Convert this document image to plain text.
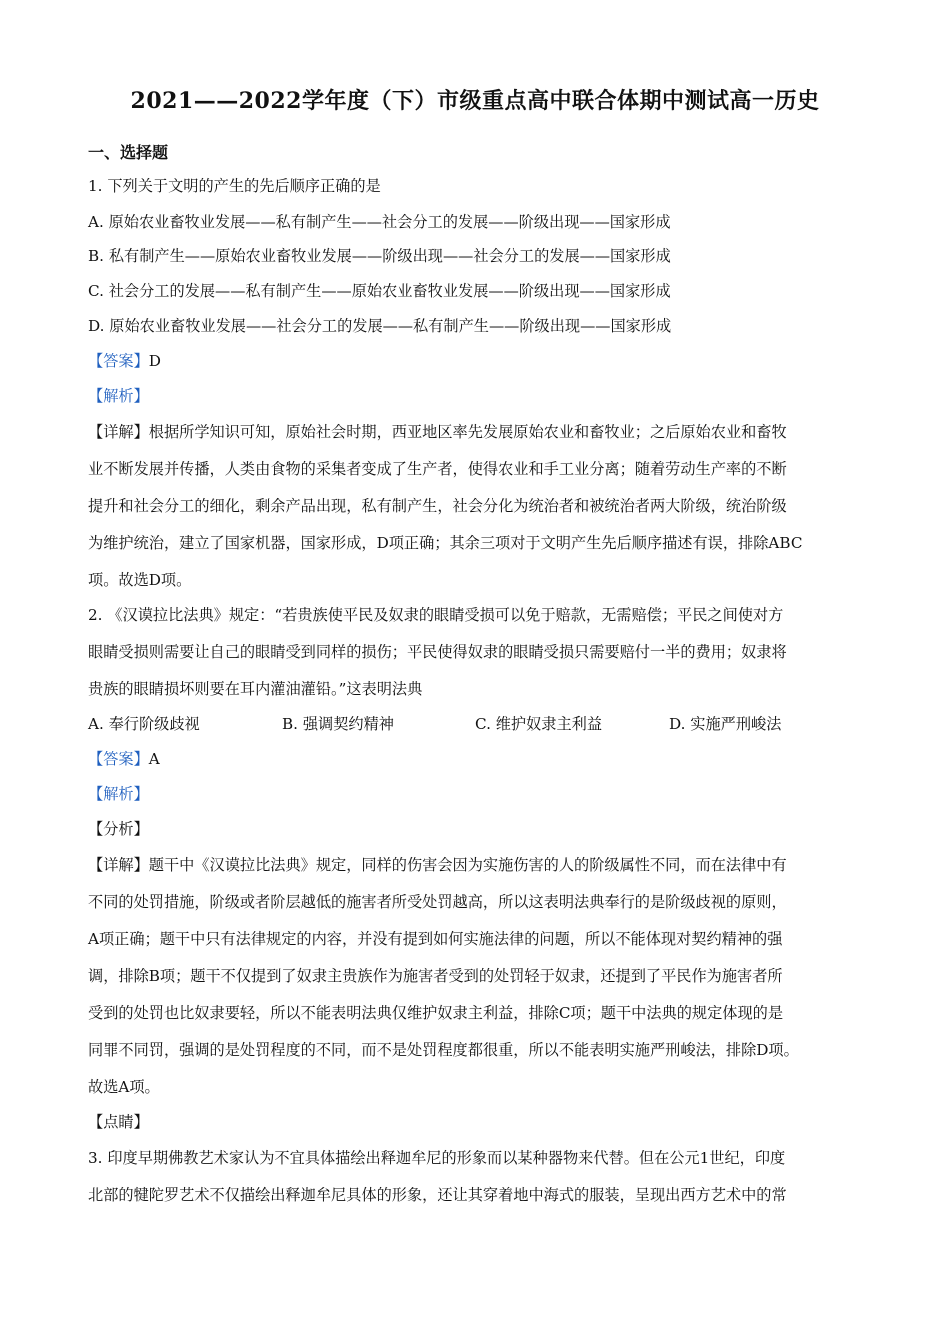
2021——2022学年度（下）市级重点高中联合体期中测试高一历史
一、选择题
1. 下列关于文明的产生的先后顺序正确的是
A. 原始农业畜牧业发展——私有制产生——社会分工的发展——阶级出现——国家形成
B. 私有制产生——原始农业畜牧业发展——阶级出现——社会分工的发展——国家形成
C. 社会分工的发展——私有制产生——原始农业畜牧业发展——阶级出现——国家形成
D. 原始农业畜牧业发展——社会分工的发展——私有制产生——阶级出现——国家形成
【答案】D
【解析】
【详解】根据所学知识可知，原始社会时期，西亚地区率先发展原始农业和畜牧业；之后原始农业和畜牧
业不断发展并传播，人类由食物的采集者变成了生产者，使得农业和手工业分离；随着劳动生产率的不断
提升和社会分工的细化，剩余产品出现，私有制产生，社会分化为统治者和被统治者两大阶级，统治阶级
为维护统治，建立了国家机器，国家形成，D项正确；其余三项对于文明产生先后顺序描述有误，排除ABC
项。故选D项。
2. 《汉谟拉比法典》规定：“若贵族使平民及奴隶的眼睛受损可以免于赔款，无需赔偿；平民之间使对方
眼睛受损则需要让自己的眼睛受到同样的损伤；平民使得奴隶的眼睛受损只需要赔付一半的费用；奴隶将
贵族的眼睛损坏则要在耳内灌油灌铅。”这表明法典
A. 奉行阶级歧视	B. 强调契约精神	C. 维护奴隶主利益	D. 实施严刑峻法
【答案】A
【解析】
【分析】
【详解】题干中《汉谟拉比法典》规定，同样的伤害会因为实施伤害的人的阶级属性不同，而在法律中有
不同的处罚措施，阶级或者阶层越低的施害者所受处罚越高，所以这表明法典奉行的是阶级歧视的原则，
A项正确；题干中只有法律规定的内容，并没有提到如何实施法律的问题，所以不能体现对契约精神的强
调，排除B项；题干不仅提到了奴隶主贵族作为施害者受到的处罚轻于奴隶，还提到了平民作为施害者所
受到的处罚也比奴隶要轻，所以不能表明法典仅维护奴隶主利益，排除C项；题干中法典的规定体现的是
同罪不同罚，强调的是处罚程度的不同，而不是处罚程度都很重，所以不能表明实施严刑峻法，排除D项。
故选A项。
【点睛】
3. 印度早期佛教艺术家认为不宜具体描绘出释迦牟尼的形象而以某种器物来代替。但在公元1世纪，印度
北部的犍陀罗艺术不仅描绘出释迦牟尼具体的形象，还让其穿着地中海式的服装，呈现出西方艺术中的常
